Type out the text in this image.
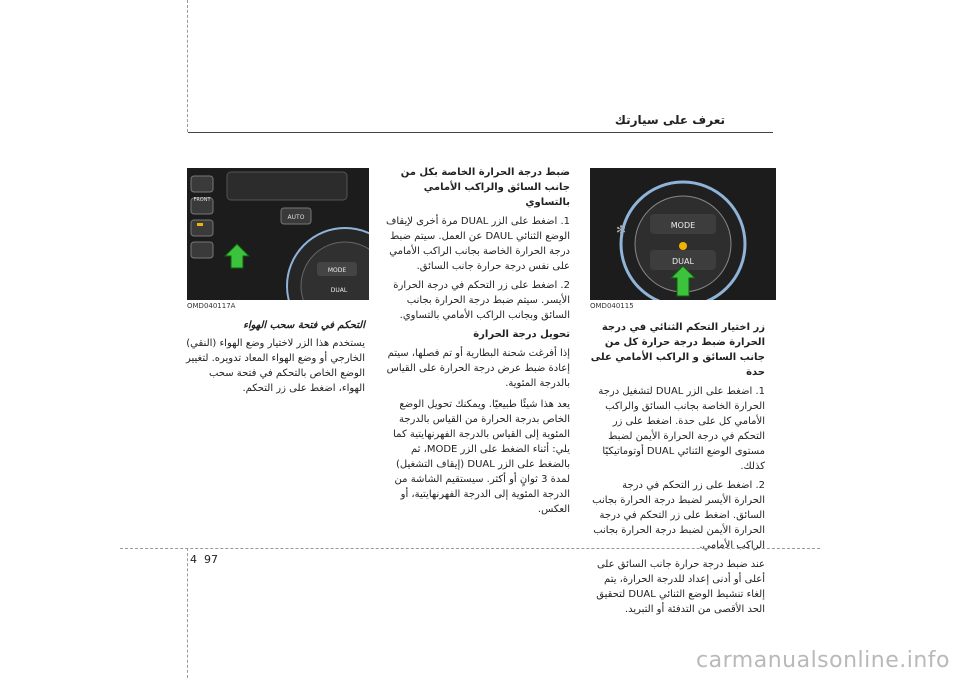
تعرف على سيارتك
FRONT
AUTO
MODE
DUAL
OMD040117A
MODE
DUAL
✻
OMD040115
زر اختيار التحكم الثنائي في درجة الحرارة ضبط درجة حرارة كل من جانب السائق و الراكب الأمامي على حدة

1. اضغط على الزر DUAL لتشغيل درجة الحرارة الخاصة بجانب السائق والراكب الأمامي كل على حدة. اضغط على زر التحكم في درجة الحرارة الأيمن لضبط مستوى الوضع الثنائي DUAL أوتوماتيكيًا كذلك.

2. اضغط على زر التحكم في درجة الحرارة الأيسر لضبط درجة الحرارة بجانب السائق. اضغط على زر التحكم في درجة الحرارة الأيمن لضبط درجة الحرارة بجانب الراكب الأمامي.

عند ضبط درجة حرارة جانب السائق على أعلى أو أدنى إعداد للدرجة الحرارة، يتم إلغاء تنشيط الوضع الثنائي DUAL لتحقيق الحد الأقصى من التدفئة أو التبريد.

ضبط درجة الحرارة الخاصة بكل من جانب السائق والراكب الأمامي بالتساوي

1. اضغط على الزر DUAL مرة أخرى لإيقاف الوضع الثنائي DAUL عن العمل. سيتم ضبط درجة الحرارة الخاصة بجانب الراكب الأمامي على نفس درجة حرارة جانب السائق.

2. اضغط على زر التحكم في درجة الحرارة الأيسر. سيتم ضبط درجة الحرارة بجانب السائق وبجانب الراكب الأمامي بالتساوي.

تحويل درجة الحرارة

إذا أفرغت شحنة البطارية أو تم فصلها، سيتم إعادة ضبط عرض درجة الحرارة على القياس بالدرجة المئوية.

يعد هذا شيئًا طبيعيًا. ويمكنك تحويل الوضع الخاص بدرجة الحرارة من القياس بالدرجة المئوية إلى القياس بالدرجة الفهرنهايتية كما يلي: أثناء الضغط على الزر MODE، ثم بالضغط على الزر DUAL (إيقاف التشغيل) لمدة 3 ثوانٍ أو أكثر. سيستقيم الشاشة من الدرجة المئوية إلى الدرجة الفهرنهايتية، أو العكس.

التحكم في فتحة سحب الهواء

يستخدم هذا الزر لاختيار وضع الهواء (النقي) الخارجي أو وضع الهواء المعاد تدويره. لتغيير الوضع الخاص بالتحكم في فتحة سحب الهواء، اضغط على زر التحكم.

4 97
carmanualsonline.info
